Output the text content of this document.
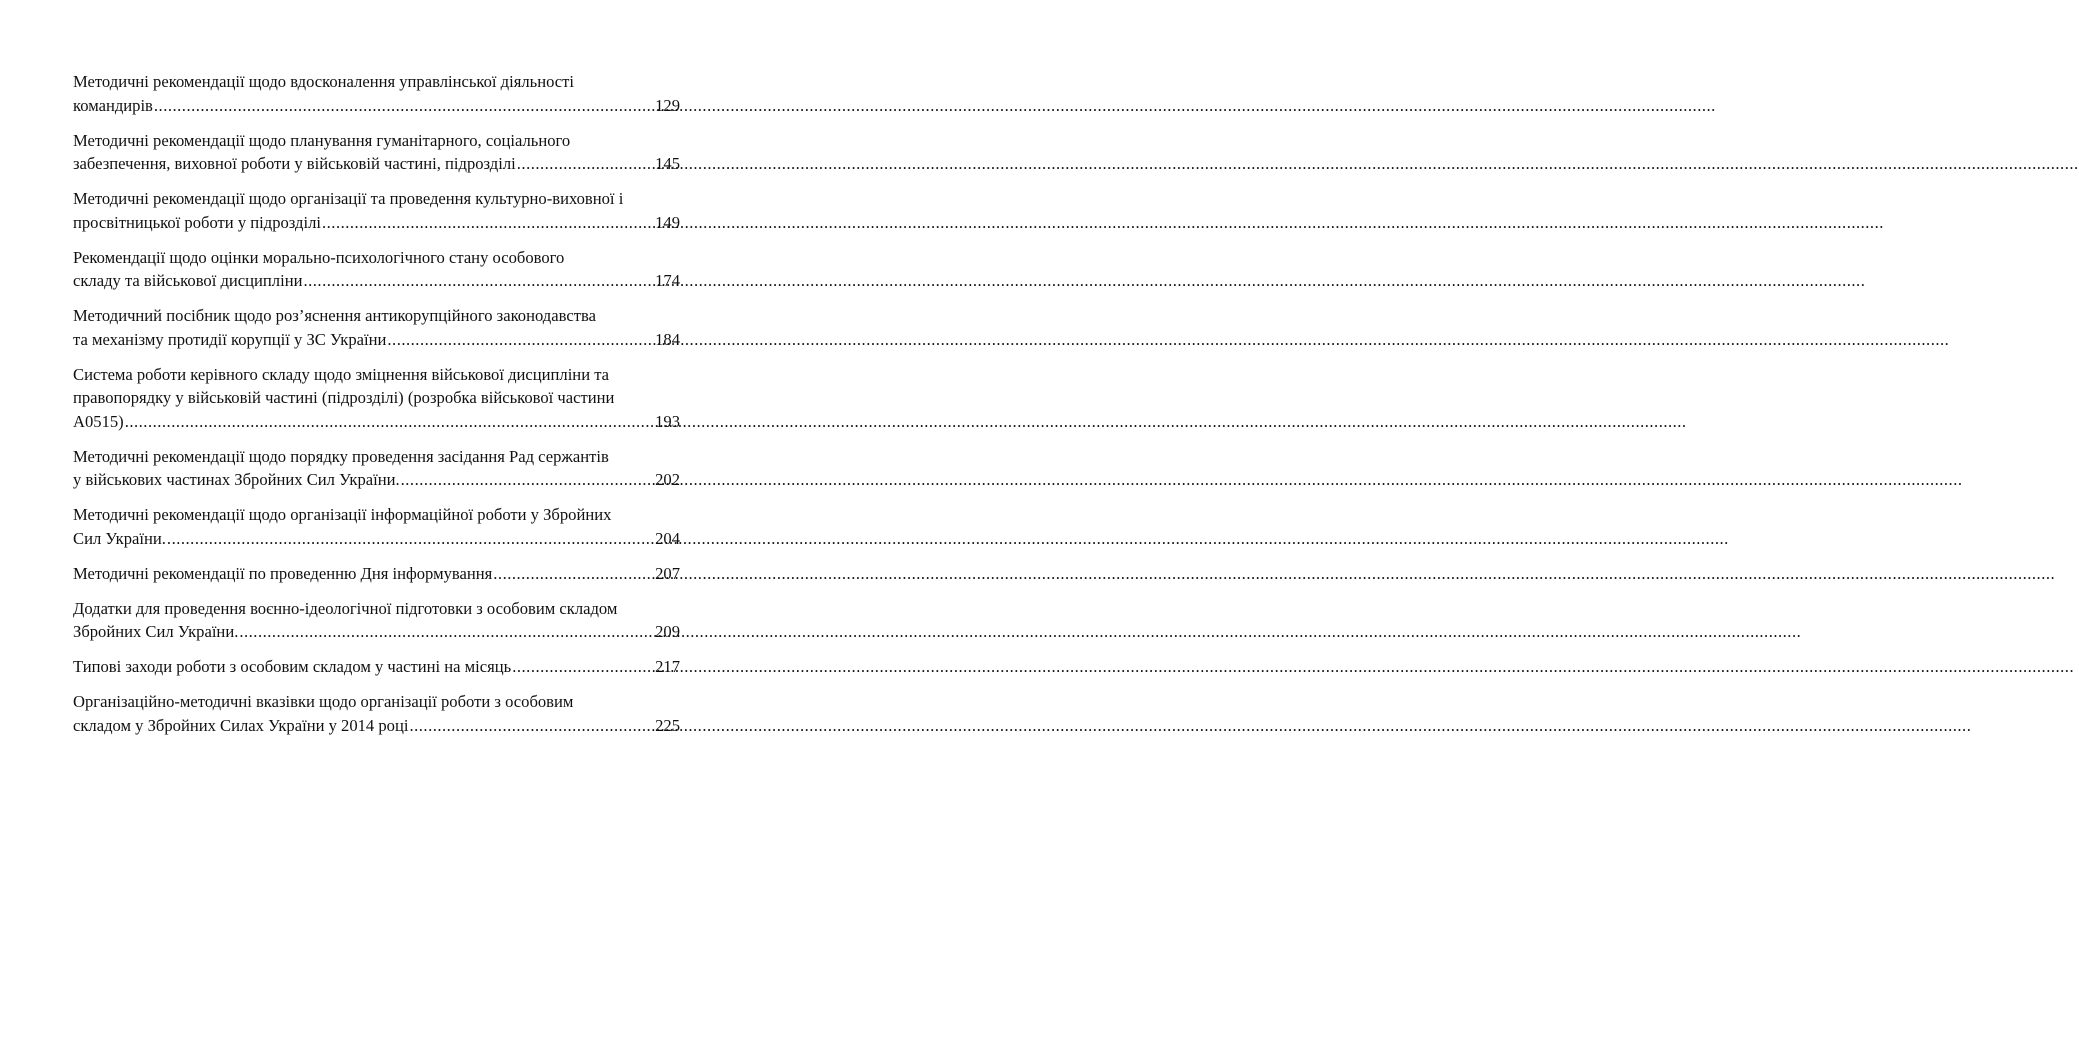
Методичні рекомендації щодо вдосконалення управлінської діяльності
командирів .....	129
Методичні рекомендації щодо планування гуманітарного, соціального
забезпечення, виховної роботи у військовій частині, підрозділі .....	145
Методичні рекомендації щодо організації та проведення культурно-виховної і
просвітницької роботи у підрозділі .....	149
Рекомендації щодо оцінки морально-психологічного стану особового
складу та військової дисципліни .....	174
Методичний посібник щодо роз’яснення антикорупційного законодавства
та механізму протидії корупції у ЗС України .....	184
Система роботи керівного складу щодо зміцнення військової дисципліни та
правопорядку у військовій частині (підрозділі) (розробка військової частини
А0515) .....	193
Методичні рекомендації щодо порядку проведення засідання Рад сержантів
у військових частинах Збройних Сил України. .....	202
Методичні рекомендації щодо організації інформаційної роботи у Збройних
Сил України. .....	204
Методичні рекомендації по проведенню Дня інформування .....	207
Додатки для проведення воєнно-ідеологічної підготовки з особовим складом
Збройних Сил України. .....	209
Типові заходи роботи з особовим складом у частині на місяць .....	217
Організаційно-методичні вказівки щодо організації роботи з особовим
складом у Збройних Силах України у 2014 році .....	225
